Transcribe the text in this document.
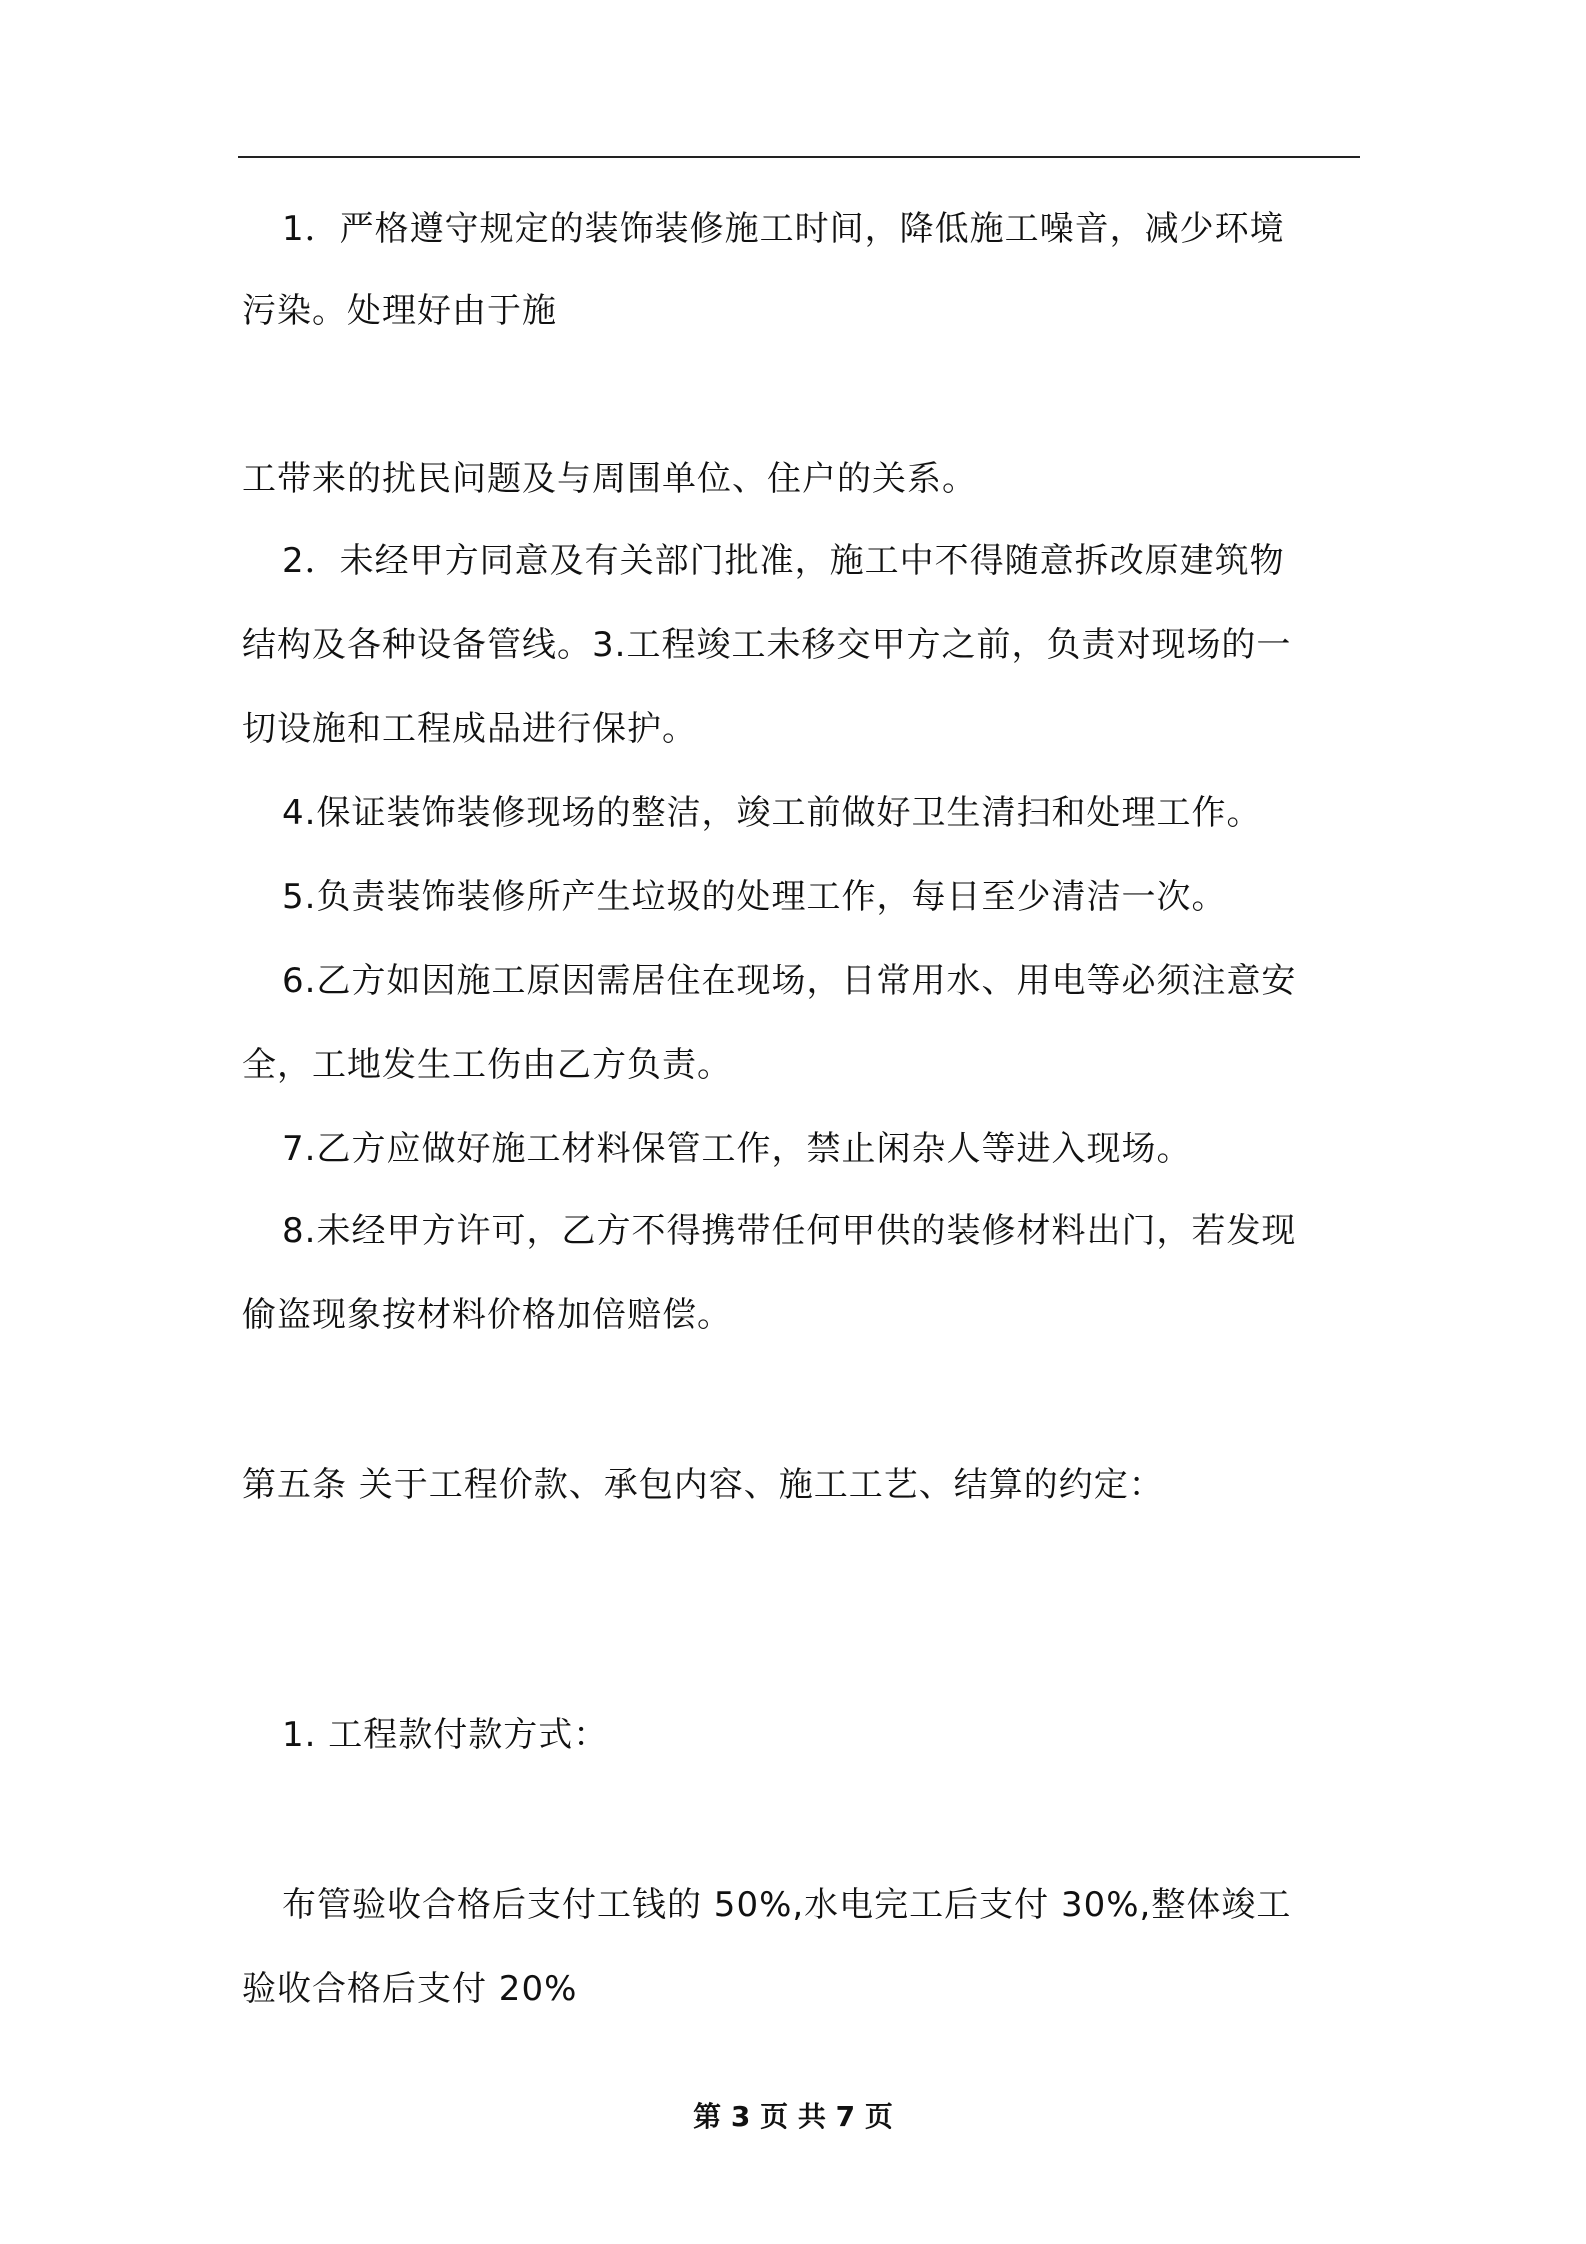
1．严格遵守规定的装饰装修施工时间，降低施工噪音，减少环境
污染。处理好由于施
工带来的扰民问题及与周围单位、住户的关系。
2．未经甲方同意及有关部门批准，施工中不得随意拆改原建筑物
结构及各种设备管线。3.工程竣工未移交甲方之前，负责对现场的一
切设施和工程成品进行保护。
4.保证装饰装修现场的整洁，竣工前做好卫生清扫和处理工作。
5.负责装饰装修所产生垃圾的处理工作，每日至少清洁一次。
6.乙方如因施工原因需居住在现场，日常用水、用电等必须注意安
全，工地发生工伤由乙方负责。
7.乙方应做好施工材料保管工作，禁止闲杂人等进入现场。
8.未经甲方许可，乙方不得携带任何甲供的装修材料出门，若发现
偷盗现象按材料价格加倍赔偿。
第五条 关于工程价款、承包内容、施工工艺、结算的约定：
1. 工程款付款方式：
布管验收合格后支付工钱的 50%,水电完工后支付 30%,整体竣工
验收合格后支付 20%
第 3 页 共 7 页
